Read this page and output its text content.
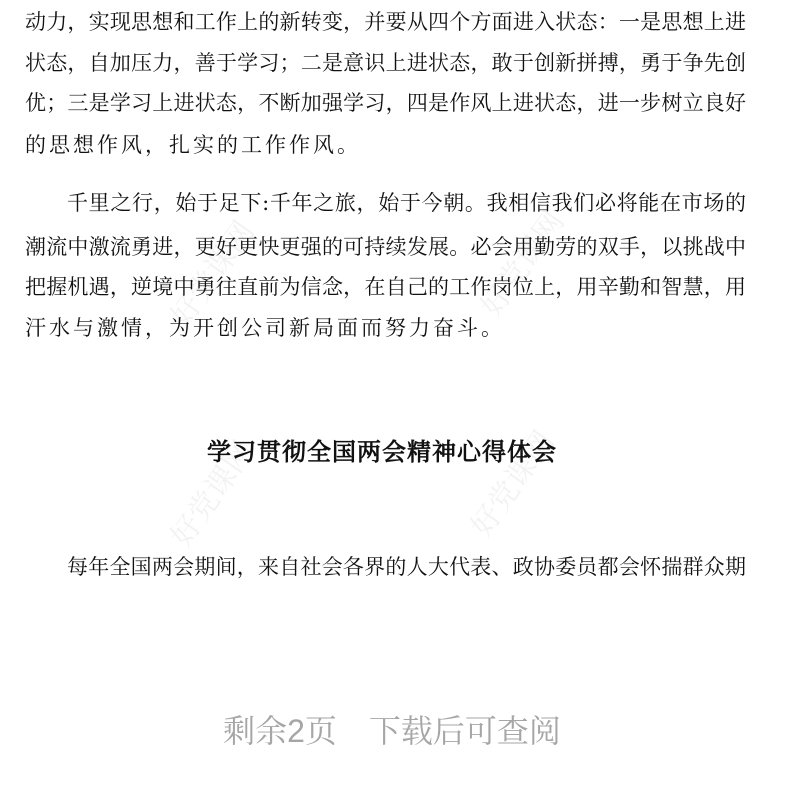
好党课网	好党课网
好党课网	好党课网
动力，实现思想和工作上的新转变，并要从四个方面进入状态：一是思想上进
状态，自加压力，善于学习；二是意识上进状态，敢于创新拼搏，勇于争先创
优；三是学习上进状态，不断加强学习，四是作风上进状态，进一步树立良好
的思想作风，扎实的工作作风。
千里之行，始于足下:千年之旅，始于今朝。我相信我们必将能在市场的
潮流中激流勇进，更好更快更强的可持续发展。必会用勤劳的双手，以挑战中
把握机遇，逆境中勇往直前为信念，在自己的工作岗位上，用辛勤和智慧，用
汗水与激情，为开创公司新局面而努力奋斗。
学习贯彻全国两会精神心得体会
每年全国两会期间，来自社会各界的人大代表、政协委员都会怀揣群众期
剩余2页　下载后可查阅
